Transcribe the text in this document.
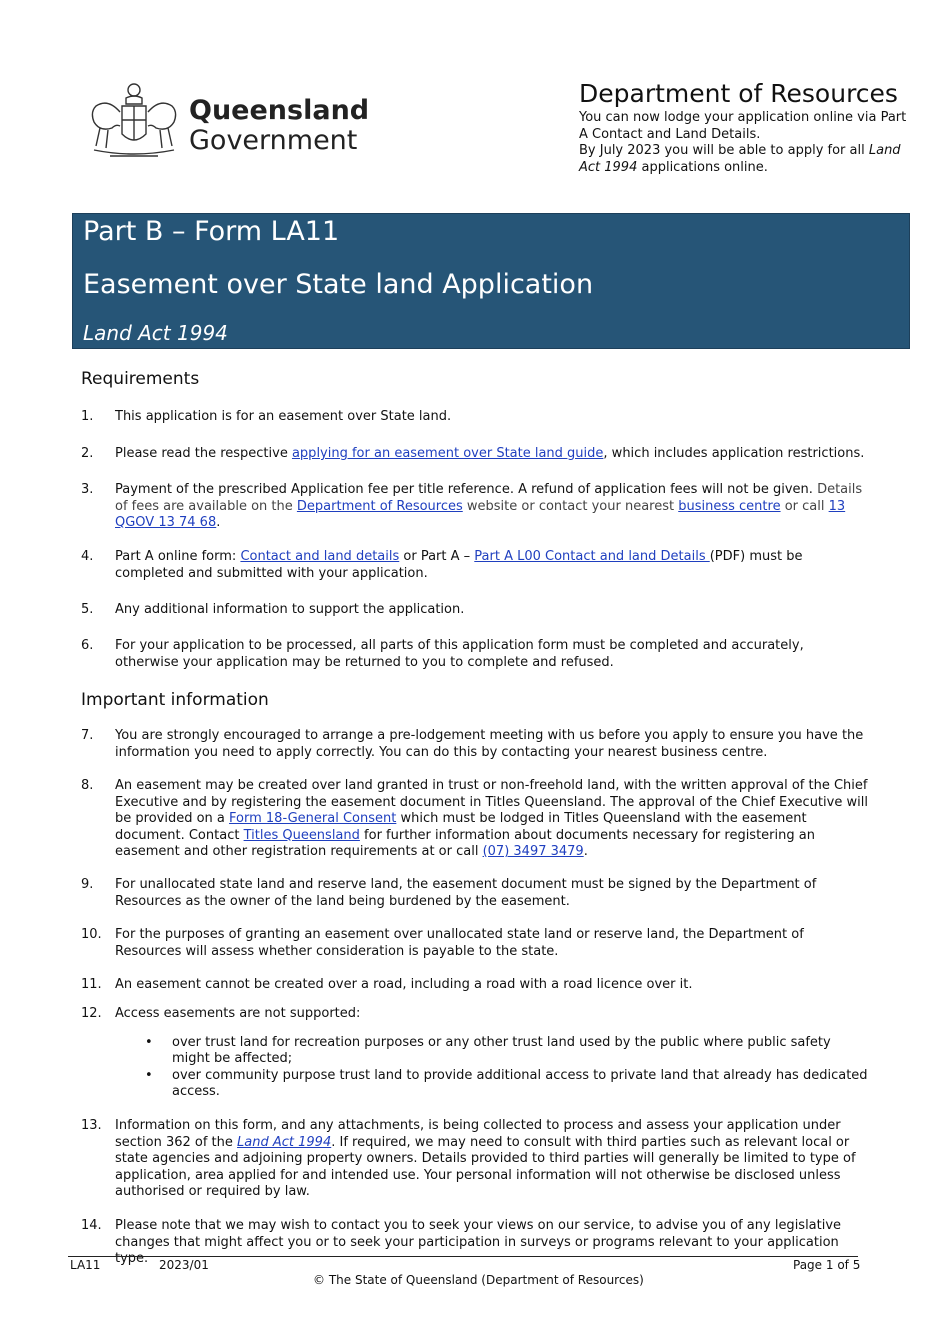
Queensland
Government
Department of Resources
You can now lodge your application online via Part A Contact and Land Details.
By July 2023 you will be able to apply for all Land Act 1994 applications online.
Part B – Form LA11
Easement over State land Application
Land Act 1994
Requirements
1. This application is for an easement over State land.
2. Please read the respective applying for an easement over State land guide, which includes application restrictions.
3. Payment of the prescribed Application fee per title reference. A refund of application fees will not be given. Details of fees are available on the Department of Resources website or contact your nearest business centre or call 13 QGOV 13 74 68.
4. Part A online form: Contact and land details or Part A – Part A L00 Contact and land Details (PDF) must be completed and submitted with your application.
5. Any additional information to support the application.
6. For your application to be processed, all parts of this application form must be completed and accurately, otherwise your application may be returned to you to complete and refused.
Important information
7. You are strongly encouraged to arrange a pre-lodgement meeting with us before you apply to ensure you have the information you need to apply correctly. You can do this by contacting your nearest business centre.
8. An easement may be created over land granted in trust or non-freehold land, with the written approval of the Chief Executive and by registering the easement document in Titles Queensland. The approval of the Chief Executive will be provided on a Form 18-General Consent which must be lodged in Titles Queensland with the easement document. Contact Titles Queensland for further information about documents necessary for registering an easement and other registration requirements at or call (07) 3497 3479.
9. For unallocated state land and reserve land, the easement document must be signed by the Department of Resources as the owner of the land being burdened by the easement.
10. For the purposes of granting an easement over unallocated state land or reserve land, the Department of Resources will assess whether consideration is payable to the state.
11. An easement cannot be created over a road, including a road with a road licence over it.
12. Access easements are not supported:
• over trust land for recreation purposes or any other trust land used by the public where public safety might be affected;
• over community purpose trust land to provide additional access to private land that already has dedicated access.
13. Information on this form, and any attachments, is being collected to process and assess your application under section 362 of the Land Act 1994. If required, we may need to consult with third parties such as relevant local or state agencies and adjoining property owners. Details provided to third parties will generally be limited to type of application, area applied for and intended use. Your personal information will not otherwise be disclosed unless authorised or required by law.
14. Please note that we may wish to contact you to seek your views on our service, to advise you of any legislative changes that might affect you or to seek your participation in surveys or programs relevant to your application type.
LA11	2023/01	Page 1 of 5
© The State of Queensland (Department of Resources)
